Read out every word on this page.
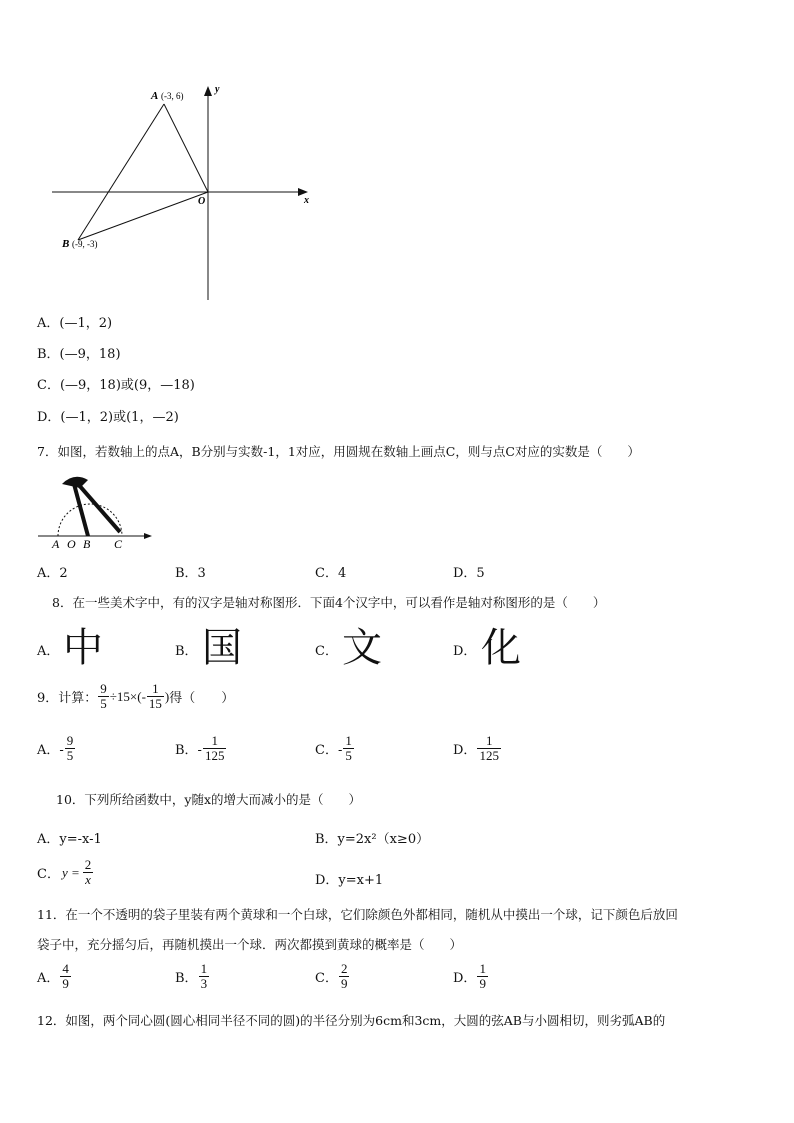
A (-3, 6)
B (-9, -3)
O	x
y
A．(—1，2)
B．(—9，18)
C．(—9，18)或(9，—18)
D．(—1，2)或(1，—2)
7．如图，若数轴上的点A，B分别与实数-1，1对应，用圆规在数轴上画点C，则与点C对应的实数是（　　）
A O B C
A．2	B．3	C．4	D．5
8．在一些美术字中，有的汉字是轴对称图形．下面4个汉字中，可以看作是轴对称图形的是（　　）
A． 中	B． 国	C． 文	D． 化
9．计算： $\frac{9}{5} \div 15\times(- \frac{1}{15}$ ) 得（　　）
A．- $\frac{9}{5}$	B．- $\frac{1}{125}$	C．- $\frac{1}{5}$	D． $\frac{1}{125}$
10．下列所给函数中，y随x的增大而减小的是（　　）
A．y=-x-1	B．y=2x²（x≥0）
C． $y = \frac{2}{x}$	D．y=x+1
11．在一个不透明的袋子里装有两个黄球和一个白球，它们除颜色外都相同，随机从中摸出一个球，记下颜色后放回
袋子中，充分摇匀后，再随机摸出一个球．两次都摸到黄球的概率是（　　）
A． $\frac{4}{9}$	B． $\frac{1}{3}$	C． $\frac{2}{9}$	D． $\frac{1}{9}$
12．如图，两个同心圆(圆心相同半径不同的圆)的半径分别为6cm和3cm，大圆的弦AB与小圆相切，则劣弧AB的
